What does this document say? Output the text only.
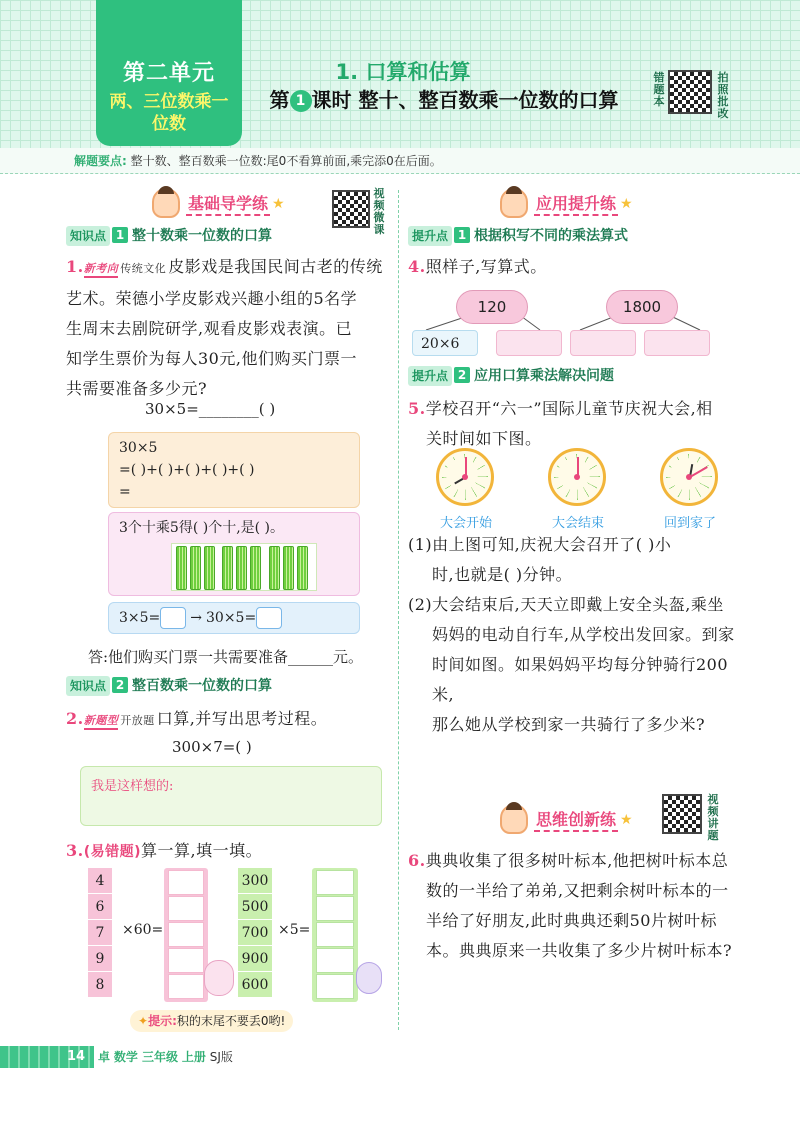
第二单元
两、三位数乘一位数
1. 口算和估算
第 1 课时 整十、整百数乘一位数的口算
错题本
拍照批改
解题要点: 整十数、整百数乘一位数:尾0不看算前面,乘完添0在后面。
基础导学练 ★
视频微课
知识点 1 整十数乘一位数的口算
1.新考向 传统文化 皮影戏是我国民间古老的传统
艺术。荣德小学皮影戏兴趣小组的5名学
生周末去剧院研学,观看皮影戏表演。已
知学生票价为每人30元,他们购买门票一
共需要准备多少元?
30×5=________( )
30×5
=( )+( )+( )+( )+( )
=
3个十乘5得( )个十,是( )。

3×5= → 30×5=
答:他们购买门票一共需要准备______元。
知识点 2 整百数乘一位数的口算
2.新题型 开放题 口算,并写出思考过程。
300×7=( )
我是这样想的:
3.(易错题)算一算,填一填。
4
6
7
9
8
×60=
300
500
700
900
600
×5=
✦提示:积的末尾不要丢0哟!
应用提升练 ★
提升点 1 根据积写不同的乘法算式
4.照样子,写算式。
120	1800
20×6
提升点 2 应用口算乘法解决问题
5.学校召开“六一”国际儿童节庆祝大会,相
关时间如下图。
大会开始	大会结束	回到家了
(1)由上图可知,庆祝大会召开了( )小
时,也就是( )分钟。
(2)大会结束后,天天立即戴上安全头盔,乘坐
妈妈的电动自行车,从学校出发回家。到家
时间如图。如果妈妈平均每分钟骑行200米,
那么她从学校到家一共骑行了多少米?
思维创新练 ★
视频讲题
6.典典收集了很多树叶标本,他把树叶标本总
数的一半给了弟弟,又把剩余树叶标本的一
半给了好朋友,此时典典还剩50片树叶标
本。典典原来一共收集了多少片树叶标本?
14	卓 数学 三年级 上册 SJ版
